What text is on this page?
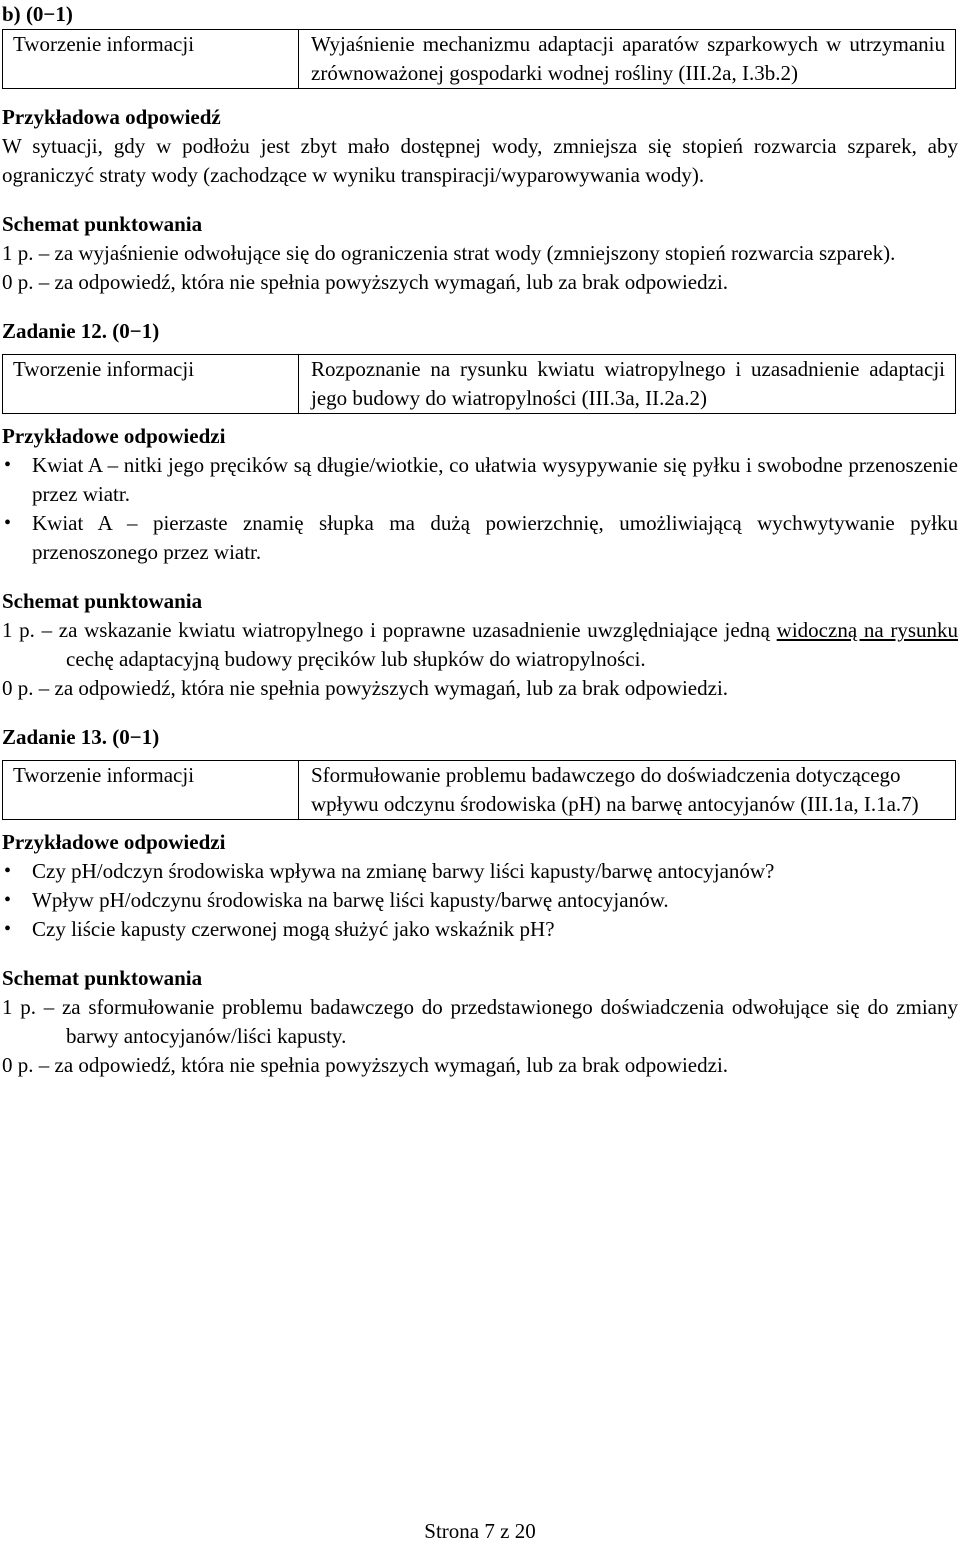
b) (0−1)
Tworzenie informacji	Wyjaśnienie mechanizmu adaptacji aparatów szparkowych w utrzymaniu zrównoważonej gospodarki wodnej rośliny (III.2a, I.3b.2)
Przykładowa odpowiedź

W sytuacji, gdy w podłożu jest zbyt mało dostępnej wody, zmniejsza się stopień rozwarcia szparek, aby ograniczyć straty wody (zachodzące w wyniku transpiracji/wyparowywania wody).

Schemat punktowania

1 p. – za wyjaśnienie odwołujące się do ograniczenia strat wody (zmniejszony stopień rozwarcia szparek).

0 p. – za odpowiedź, która nie spełnia powyższych wymagań, lub za brak odpowiedzi.

Zadanie 12. (0−1)
Tworzenie informacji	Rozpoznanie na rysunku kwiatu wiatropylnego i uzasadnienie adaptacji jego budowy do wiatropylności (III.3a, II.2a.2)
Przykładowe odpowiedzi
• Kwiat A – nitki jego pręcików są długie/wiotkie, co ułatwia wysypywanie się pyłku i swobodne przenoszenie przez wiatr.
• Kwiat A – pierzaste znamię słupka ma dużą powierzchnię, umożliwiającą wychwytywanie pyłku przenoszonego przez wiatr.
Schemat punktowania

1 p. – za wskazanie kwiatu wiatropylnego i poprawne uzasadnienie uwzględniające jedną widoczną na rysunku cechę adaptacyjną budowy pręcików lub słupków do wiatropylności.

0 p. – za odpowiedź, która nie spełnia powyższych wymagań, lub za brak odpowiedzi.

Zadanie 13. (0−1)
Tworzenie informacji	Sformułowanie problemu badawczego do doświadczenia dotyczącego wpływu odczynu środowiska (pH) na barwę antocyjanów (III.1a, I.1a.7)
Przykładowe odpowiedzi
• Czy pH/odczyn środowiska wpływa na zmianę barwy liści kapusty/barwę antocyjanów?
• Wpływ pH/odczynu środowiska na barwę liści kapusty/barwę antocyjanów.
• Czy liście kapusty czerwonej mogą służyć jako wskaźnik pH?
Schemat punktowania

1 p. – za sformułowanie problemu badawczego do przedstawionego doświadczenia odwołujące się do zmiany barwy antocyjanów/liści kapusty.

0 p. – za odpowiedź, która nie spełnia powyższych wymagań, lub za brak odpowiedzi.

Strona 7 z 20
